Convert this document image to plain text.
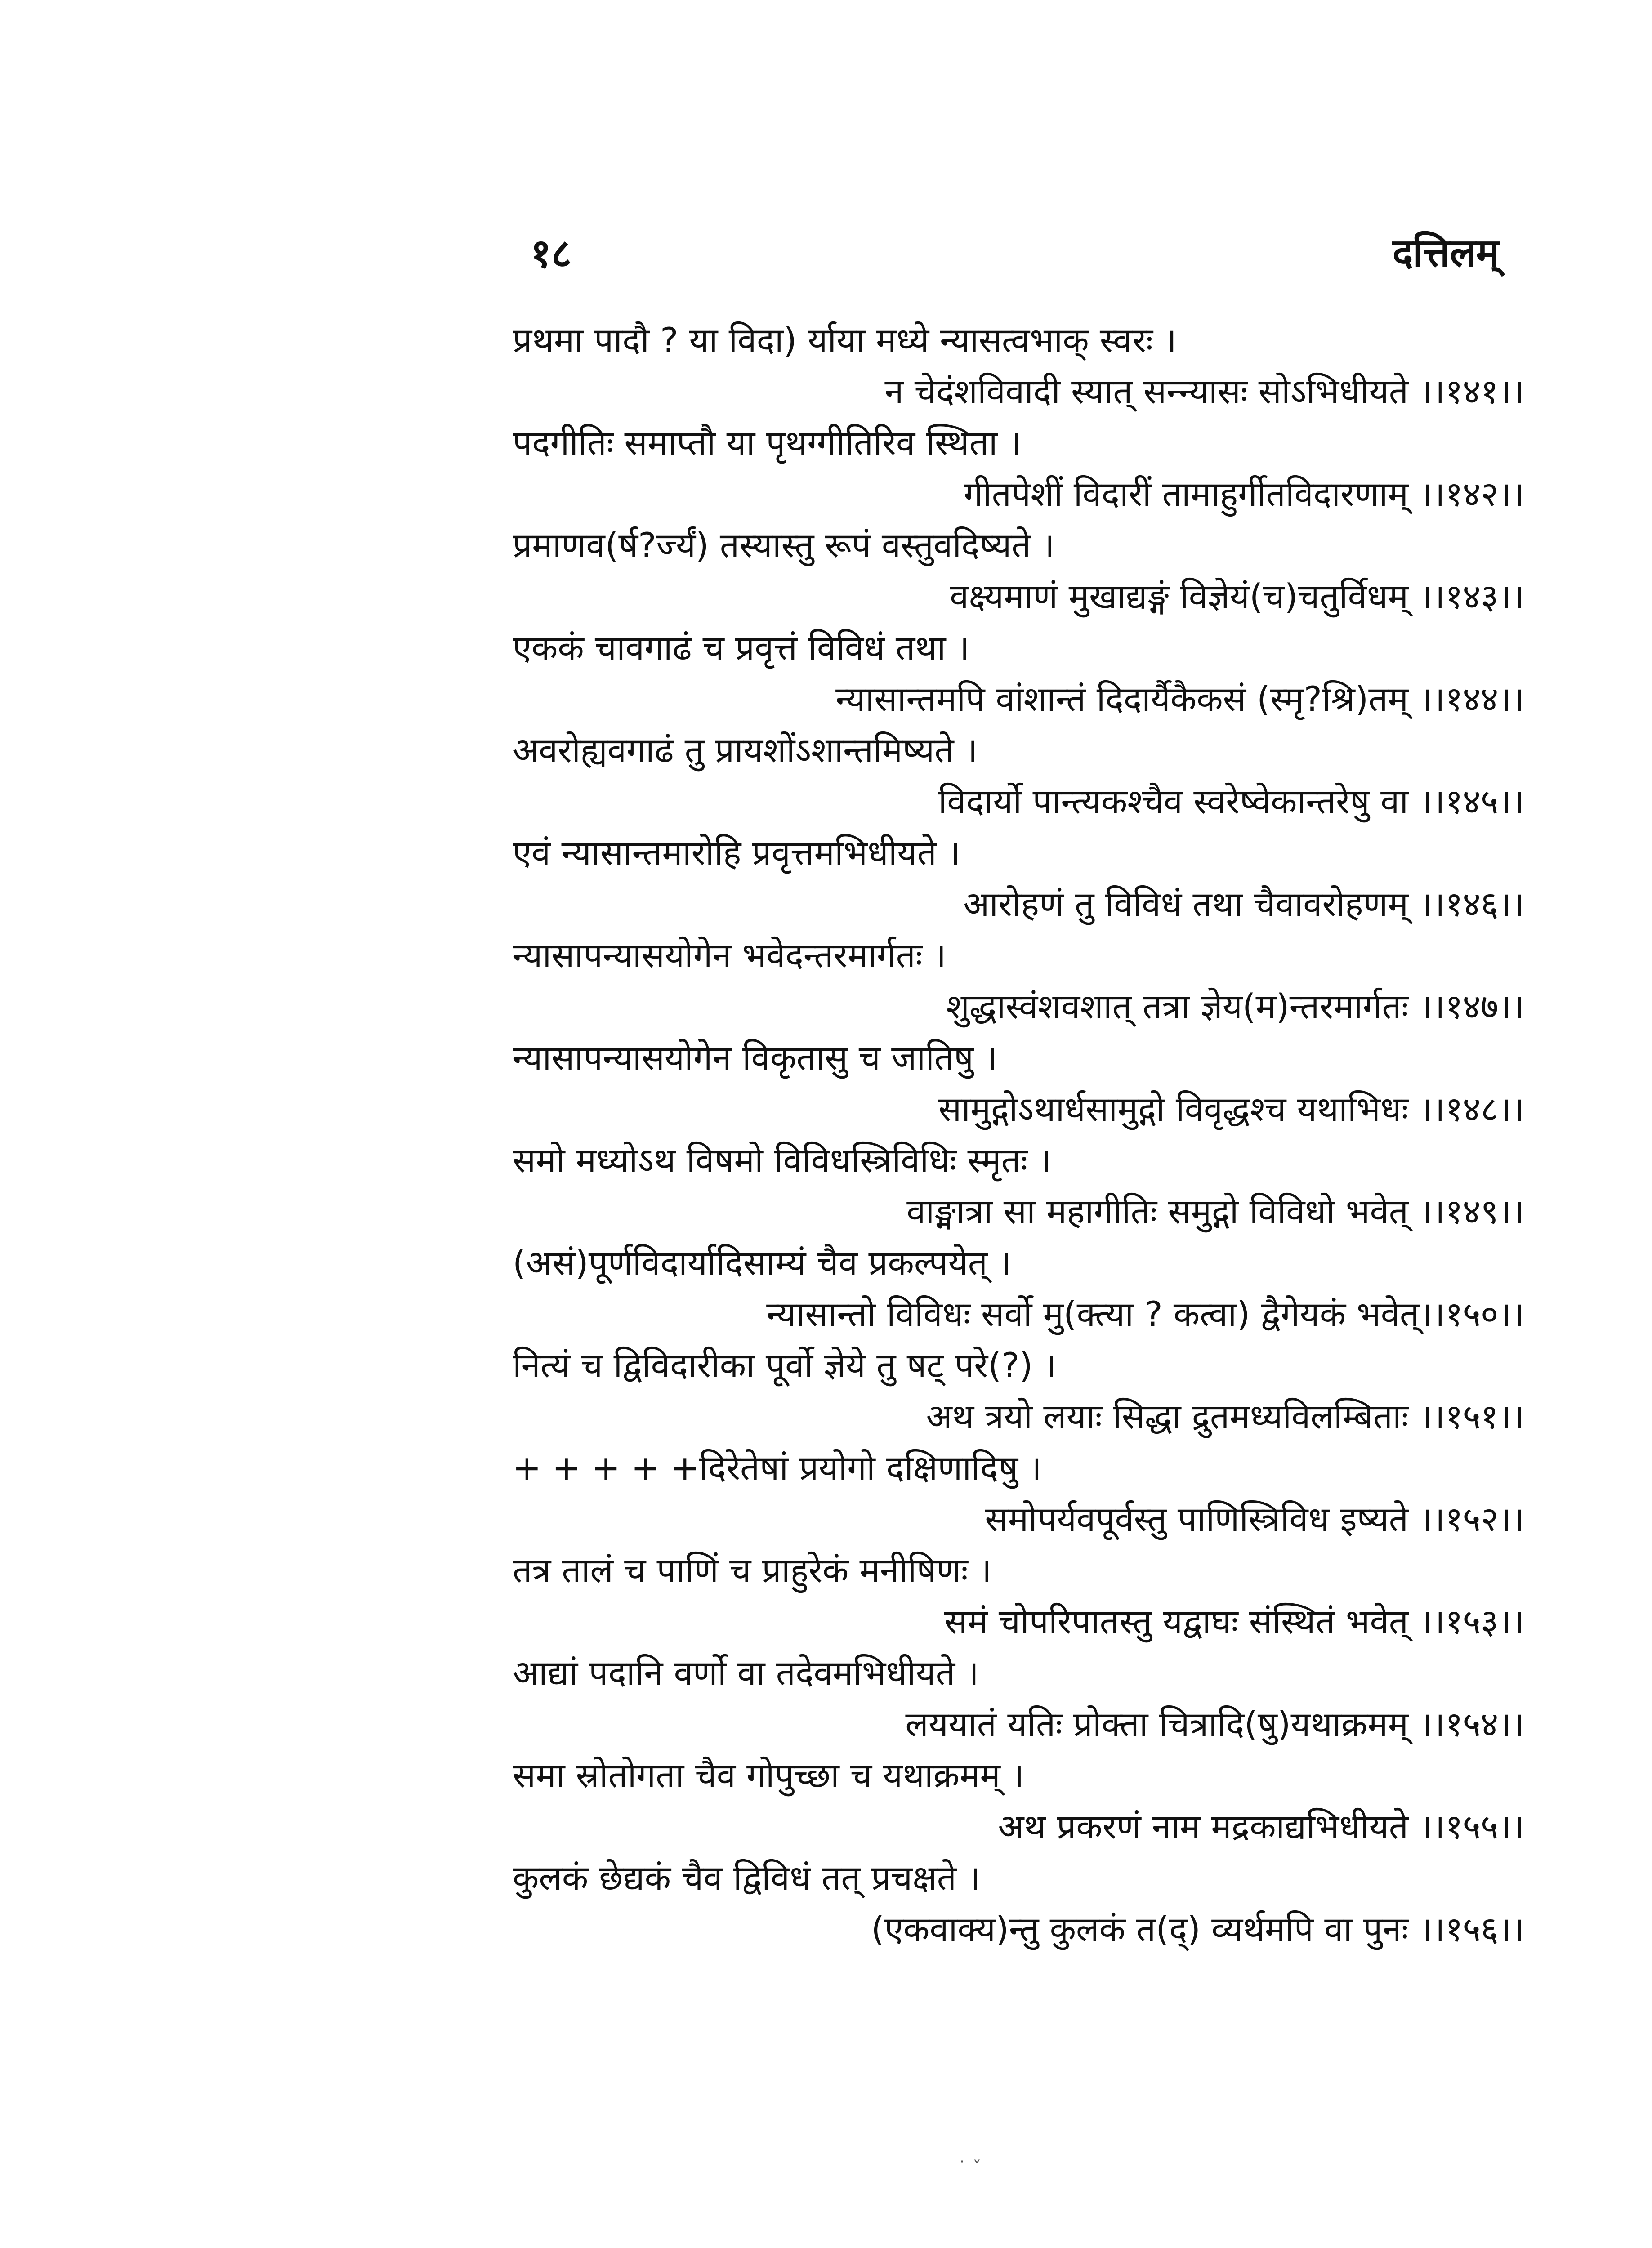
१८	दत्तिलम्
प्रथमा पादौ ? या विदा) र्याया मध्ये न्यासत्वभाक् स्वरः ।
न चेदंशविवादी स्यात् सन्न्यासः सोऽभिधीयते ।।१४१।।
पदगीतिः समाप्तौ या पृथग्गीतिरिव स्थिता ।
गीतपेशीं विदारीं तामाहुर्गीतविदारणाम् ।।१४२।।
प्रमाणव(र्ष?र्ज्यं) तस्यास्तु रूपं वस्तुवदिष्यते ।
वक्ष्यमाणं मुखाद्यङ्गं विज्ञेयं(च)चतुर्विधम् ।।१४३।।
एककं चावगाढं च प्रवृत्तं विविधं तथा ।
न्यासान्तमपि वांशान्तं दिदार्यैकैकसं (स्मृ?श्रि)तम् ।।१४४।।
अवरोह्यवगाढं तु प्रायशोंऽशान्तमिष्यते ।
विदार्यो पान्त्यकश्चैव स्वरेष्वेकान्तरेषु वा ।।१४५।।
एवं न्यासान्तमारोहि प्रवृत्तमभिधीयते ।
आरोहणं तु विविधं तथा चैवावरोहणम् ।।१४६।।
न्यासापन्यासयोगेन भवेदन्तरमार्गतः ।
शुद्धास्वंशवशात् तत्रा ज्ञेय(म)न्तरमार्गतः ।।१४७।।
न्यासापन्यासयोगेन विकृतासु च जातिषु ।
सामुद्गोऽथार्धसामुद्गो विवृद्धश्च यथाभिधः ।।१४८।।
समो मध्योऽथ विषमो विविधस्त्रिविधिः स्मृतः ।
वाङ्मात्रा सा महागीतिः समुद्गो विविधो भवेत् ।।१४९।।
(असं)पूर्णविदार्यादिसाम्यं चैव प्रकल्पयेत् ।
न्यासान्तो विविधः सर्वो मु(क्त्या ? कत्वा) द्वैगेयकं भवेत्।।१५०।।
नित्यं च द्विविदारीका पूर्वो ज्ञेये तु षट् परे(?) ।
अथ त्रयो लयाः सिद्धा द्रुतमध्यविलम्बिताः ।।१५१।।
+ + + + +दिरेतेषां प्रयोगो दक्षिणादिषु ।
समोपर्यवपूर्वस्तु पाणिस्त्रिविध इष्यते ।।१५२।।
तत्र तालं च पाणिं च प्राहुरेकं मनीषिणः ।
समं चोपरिपातस्तु यद्वाघः संस्थितं भवेत् ।।१५३।।
आद्यां पदानि वर्णो वा तदेवमभिधीयते ।
लययातं यतिः प्रोक्ता चित्रादि(षु)यथाक्रमम् ।।१५४।।
समा स्रोतोगता चैव गोपुच्छा च यथाक्रमम् ।
अथ प्रकरणं नाम मद्रकाद्यभिधीयते ।।१५५।।
कुलकं छेद्यकं चैव द्विविधं तत् प्रचक्षते ।
(एकवाक्य)न्तु कुलकं त(द्) व्यर्थमपि वा पुनः ।।१५६।।
˙ ˇ
